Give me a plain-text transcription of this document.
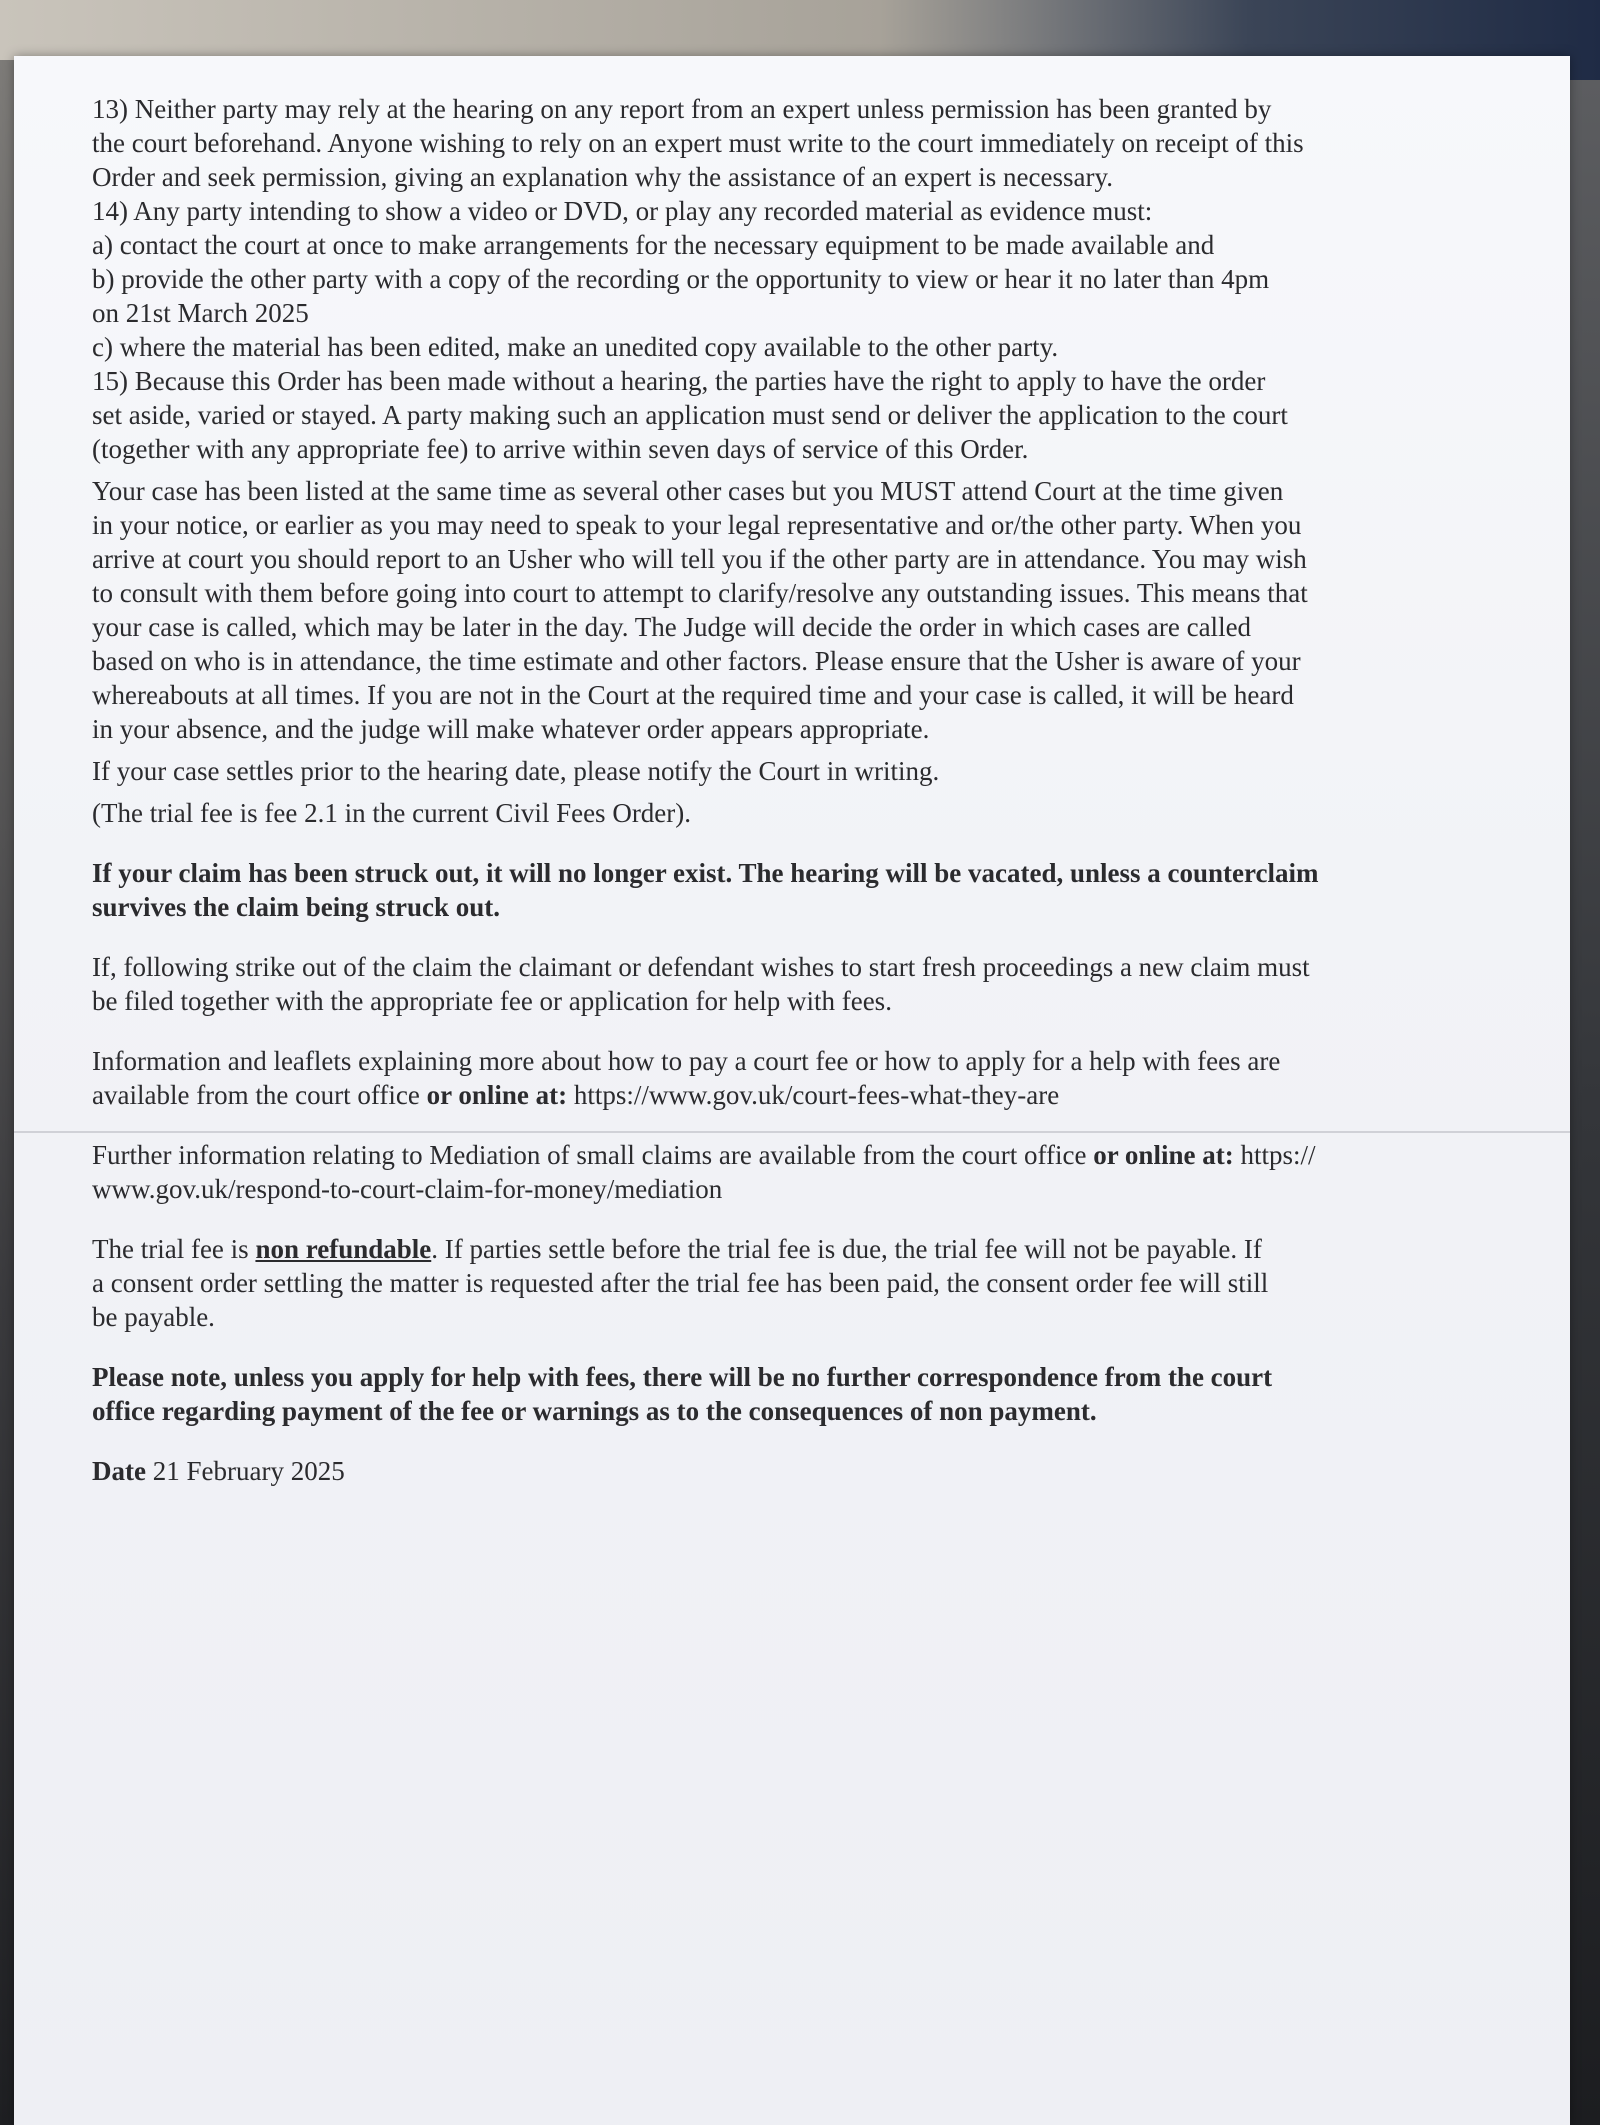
13) Neither party may rely at the hearing on any report from an expert unless permission has been granted by
the court beforehand. Anyone wishing to rely on an expert must write to the court immediately on receipt of this
Order and seek permission, giving an explanation why the assistance of an expert is necessary.
14) Any party intending to show a video or DVD, or play any recorded material as evidence must:
a) contact the court at once to make arrangements for the necessary equipment to be made available and
b) provide the other party with a copy of the recording or the opportunity to view or hear it no later than 4pm
on 21st March 2025
c) where the material has been edited, make an unedited copy available to the other party.
15) Because this Order has been made without a hearing, the parties have the right to apply to have the order
set aside, varied or stayed. A party making such an application must send or deliver the application to the court
(together with any appropriate fee) to arrive within seven days of service of this Order.
Your case has been listed at the same time as several other cases but you MUST attend Court at the time given
in your notice, or earlier as you may need to speak to your legal representative and or/the other party. When you
arrive at court you should report to an Usher who will tell you if the other party are in attendance. You may wish
to consult with them before going into court to attempt to clarify/resolve any outstanding issues. This means that
your case is called, which may be later in the day. The Judge will decide the order in which cases are called
based on who is in attendance, the time estimate and other factors. Please ensure that the Usher is aware of your
whereabouts at all times. If you are not in the Court at the required time and your case is called, it will be heard
in your absence, and the judge will make whatever order appears appropriate.
If your case settles prior to the hearing date, please notify the Court in writing.
(The trial fee is fee 2.1 in the current Civil Fees Order).
If your claim has been struck out, it will no longer exist. The hearing will be vacated, unless a counterclaim
survives the claim being struck out.
If, following strike out of the claim the claimant or defendant wishes to start fresh proceedings a new claim must
be filed together with the appropriate fee or application for help with fees.
Information and leaflets explaining more about how to pay a court fee or how to apply for a help with fees are
available from the court office or online at: https://www.gov.uk/court-fees-what-they-are
Further information relating to Mediation of small claims are available from the court office or online at: https://
www.gov.uk/respond-to-court-claim-for-money/mediation
The trial fee is non refundable. If parties settle before the trial fee is due, the trial fee will not be payable. If
a consent order settling the matter is requested after the trial fee has been paid, the consent order fee will still
be payable.
Please note, unless you apply for help with fees, there will be no further correspondence from the court
office regarding payment of the fee or warnings as to the consequences of non payment.
Date 21 February 2025
